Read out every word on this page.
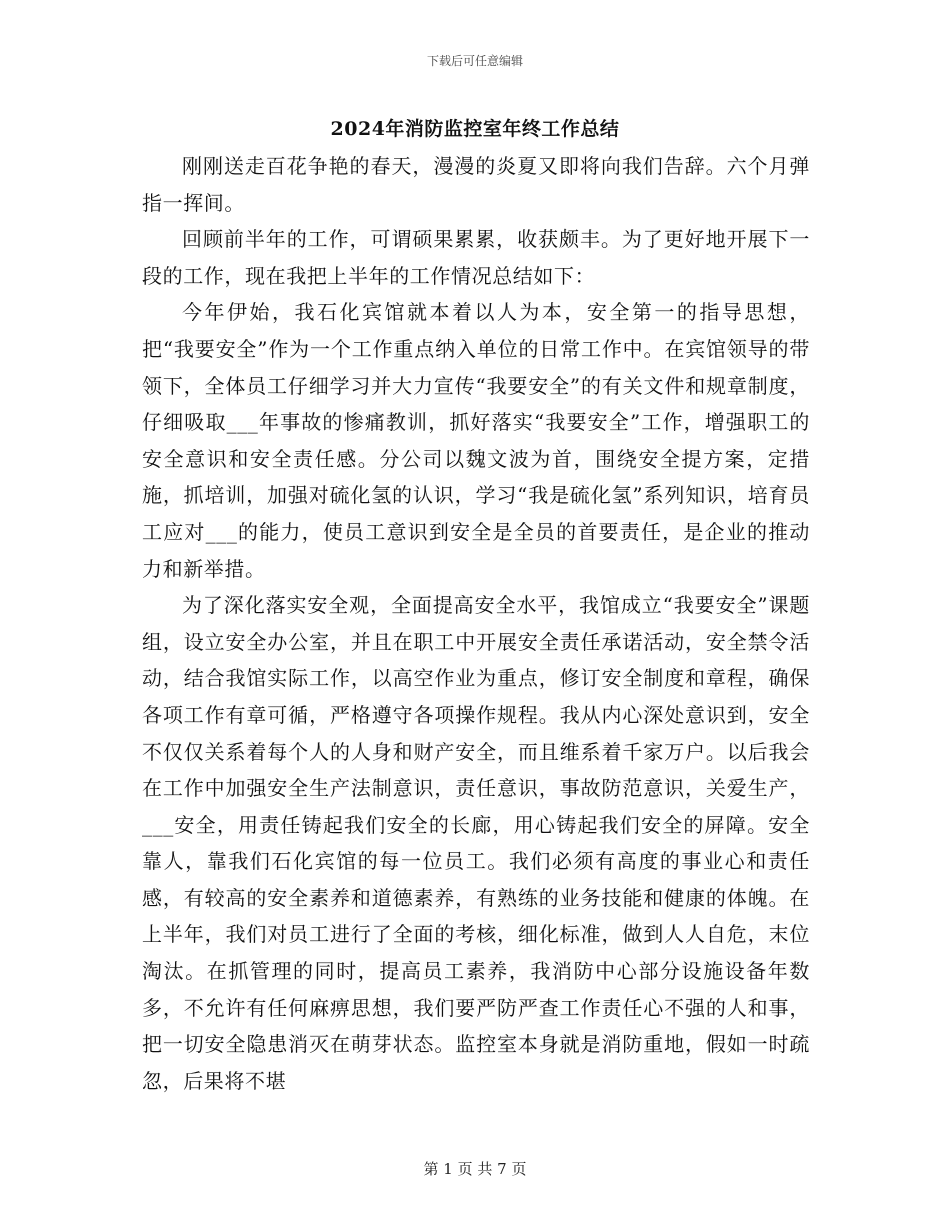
下载后可任意编辑
2024年消防监控室年终工作总结

刚刚送走百花争艳的春天，漫漫的炎夏又即将向我们告辞。六个月弹指一挥间。

回顾前半年的工作，可谓硕果累累，收获颇丰。为了更好地开展下一段的工作，现在我把上半年的工作情况总结如下：

今年伊始，我石化宾馆就本着以人为本，安全第一的指导思想，把“我要安全”作为一个工作重点纳入单位的日常工作中。在宾馆领导的带领下，全体员工仔细学习并大力宣传“我要安全”的有关文件和规章制度，仔细吸取___年事故的惨痛教训，抓好落实“我要安全”工作，增强职工的安全意识和安全责任感。分公司以魏文波为首，围绕安全提方案，定措施，抓培训，加强对硫化氢的认识，学习“我是硫化氢”系列知识，培育员工应对___的能力，使员工意识到安全是全员的首要责任，是企业的推动力和新举措。

为了深化落实安全观，全面提高安全水平，我馆成立“我要安全”课题组，设立安全办公室，并且在职工中开展安全责任承诺活动，安全禁令活动，结合我馆实际工作，以高空作业为重点，修订安全制度和章程，确保各项工作有章可循，严格遵守各项操作规程。我从内心深处意识到，安全不仅仅关系着每个人的人身和财产安全，而且维系着千家万户。以后我会在工作中加强安全生产法制意识，责任意识，事故防范意识，关爱生产，___安全，用责任铸起我们安全的长廊，用心铸起我们安全的屏障。安全靠人，靠我们石化宾馆的每一位员工。我们必须有高度的事业心和责任感，有较高的安全素养和道德素养，有熟练的业务技能和健康的体魄。在上半年，我们对员工进行了全面的考核，细化标准，做到人人自危，末位淘汰。在抓管理的同时，提高员工素养，我消防中心部分设施设备年数多，不允许有任何麻痹思想，我们要严防严查工作责任心不强的人和事，把一切安全隐患消灭在萌芽状态。监控室本身就是消防重地，假如一时疏忽，后果将不堪

第 1 页 共 7 页
